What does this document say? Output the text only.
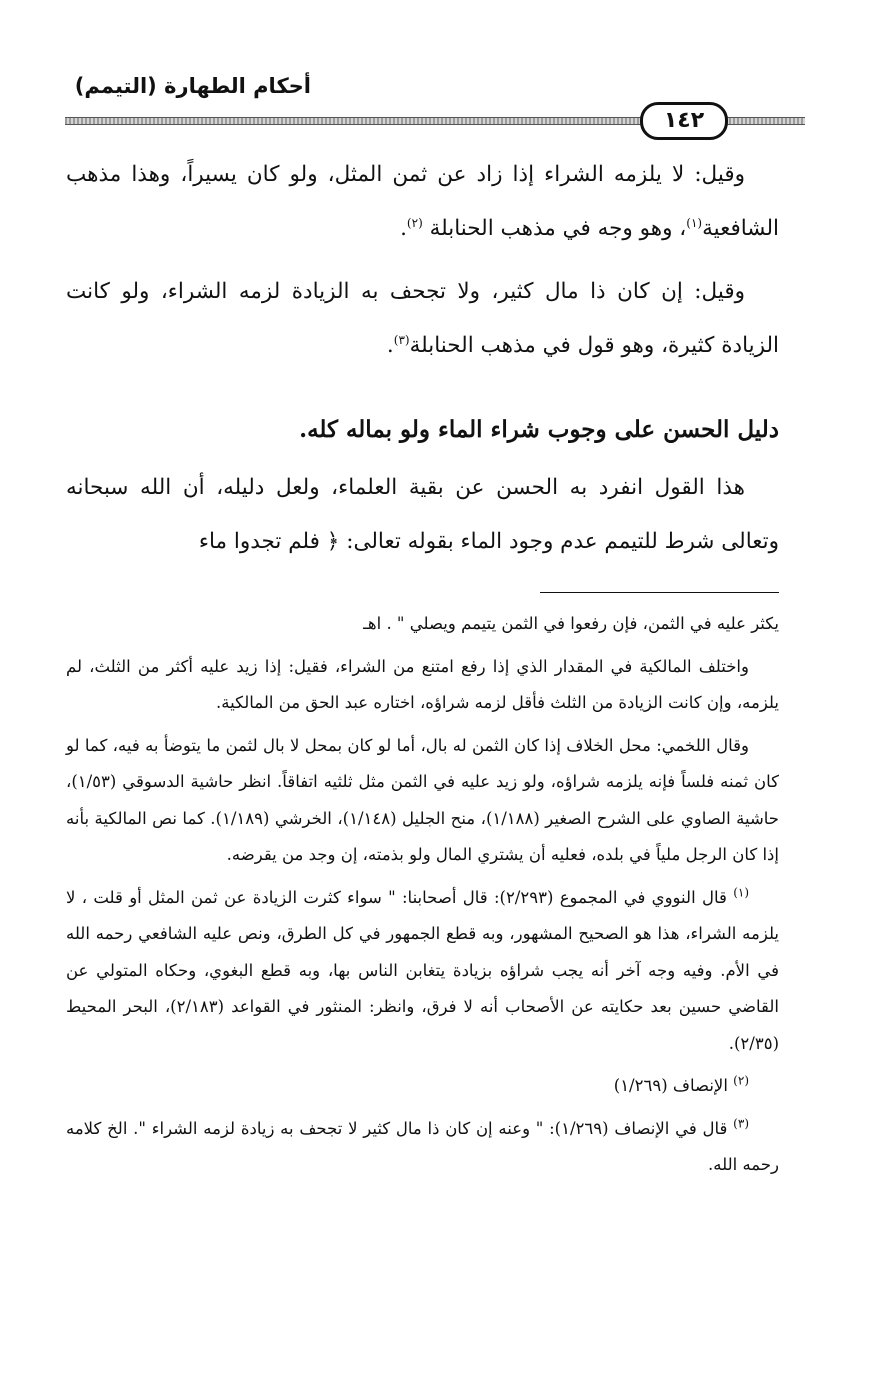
أحكام الطهارة (التيمم)
١٤٢

وقيل: لا يلزمه الشراء إذا زاد عن ثمن المثل، ولو كان يسيراً، وهذا مذهب الشافعية$^{(١)}$، وهو وجه في مذهب الحنابلة $^{(٢)}$.

وقيل: إن كان ذا مال كثير، ولا تجحف به الزيادة لزمه الشراء، ولو كانت الزيادة كثيرة، وهو قول في مذهب الحنابلة$^{(٣)}$.

دليل الحسن على وجوب شراء الماء ولو بماله كله.

هذا القول انفرد به الحسن عن بقية العلماء، ولعل دليله، أن الله سبحانه وتعالى شرط للتيمم عدم وجود الماء بقوله تعالى: ﴿ فلم تجدوا ماء

يكثر عليه في الثمن، فإن رفعوا في الثمن يتيمم ويصلي " . اهـ

واختلف المالكية في المقدار الذي إذا رفع امتنع من الشراء، فقيل: إذا زيد عليه أكثر من الثلث، لم يلزمه، وإن كانت الزيادة من الثلث فأقل لزمه شراؤه، اختاره عبد الحق من المالكية.

وقال اللخمي: محل الخلاف إذا كان الثمن له بال، أما لو كان بمحل لا بال لثمن ما يتوضأ به فيه، كما لو كان ثمنه فلساً فإنه يلزمه شراؤه، ولو زيد عليه في الثمن مثل ثلثيه اتفاقاً. انظر حاشية الدسوقي (١/٥٣)، حاشية الصاوي على الشرح الصغير (١/١٨٨)، منح الجليل (١/١٤٨)، الخرشي (١/١٨٩). كما نص المالكية بأنه إذا كان الرجل ملياً في بلده، فعليه أن يشتري المال ولو بذمته، إن وجد من يقرضه.

$^{(١)}$ قال النووي في المجموع (٢/٢٩٣): قال أصحابنا: " سواء كثرت الزيادة عن ثمن المثل أو قلت ، لا يلزمه الشراء، هذا هو الصحيح المشهور، وبه قطع الجمهور في كل الطرق، ونص عليه الشافعي رحمه الله في الأم. وفيه وجه آخر أنه يجب شراؤه بزيادة يتغابن الناس بها، وبه قطع البغوي، وحكاه المتولي عن القاضي حسين بعد حكايته عن الأصحاب أنه لا فرق، وانظر: المنثور في القواعد (٢/١٨٣)، البحر المحيط (٢/٣٥).

$^{(٢)}$ الإنصاف (١/٢٦٩)

$^{(٣)}$ قال في الإنصاف (١/٢٦٩): " وعنه إن كان ذا مال كثير لا تجحف به زيادة لزمه الشراء ". الخ كلامه رحمه الله.
